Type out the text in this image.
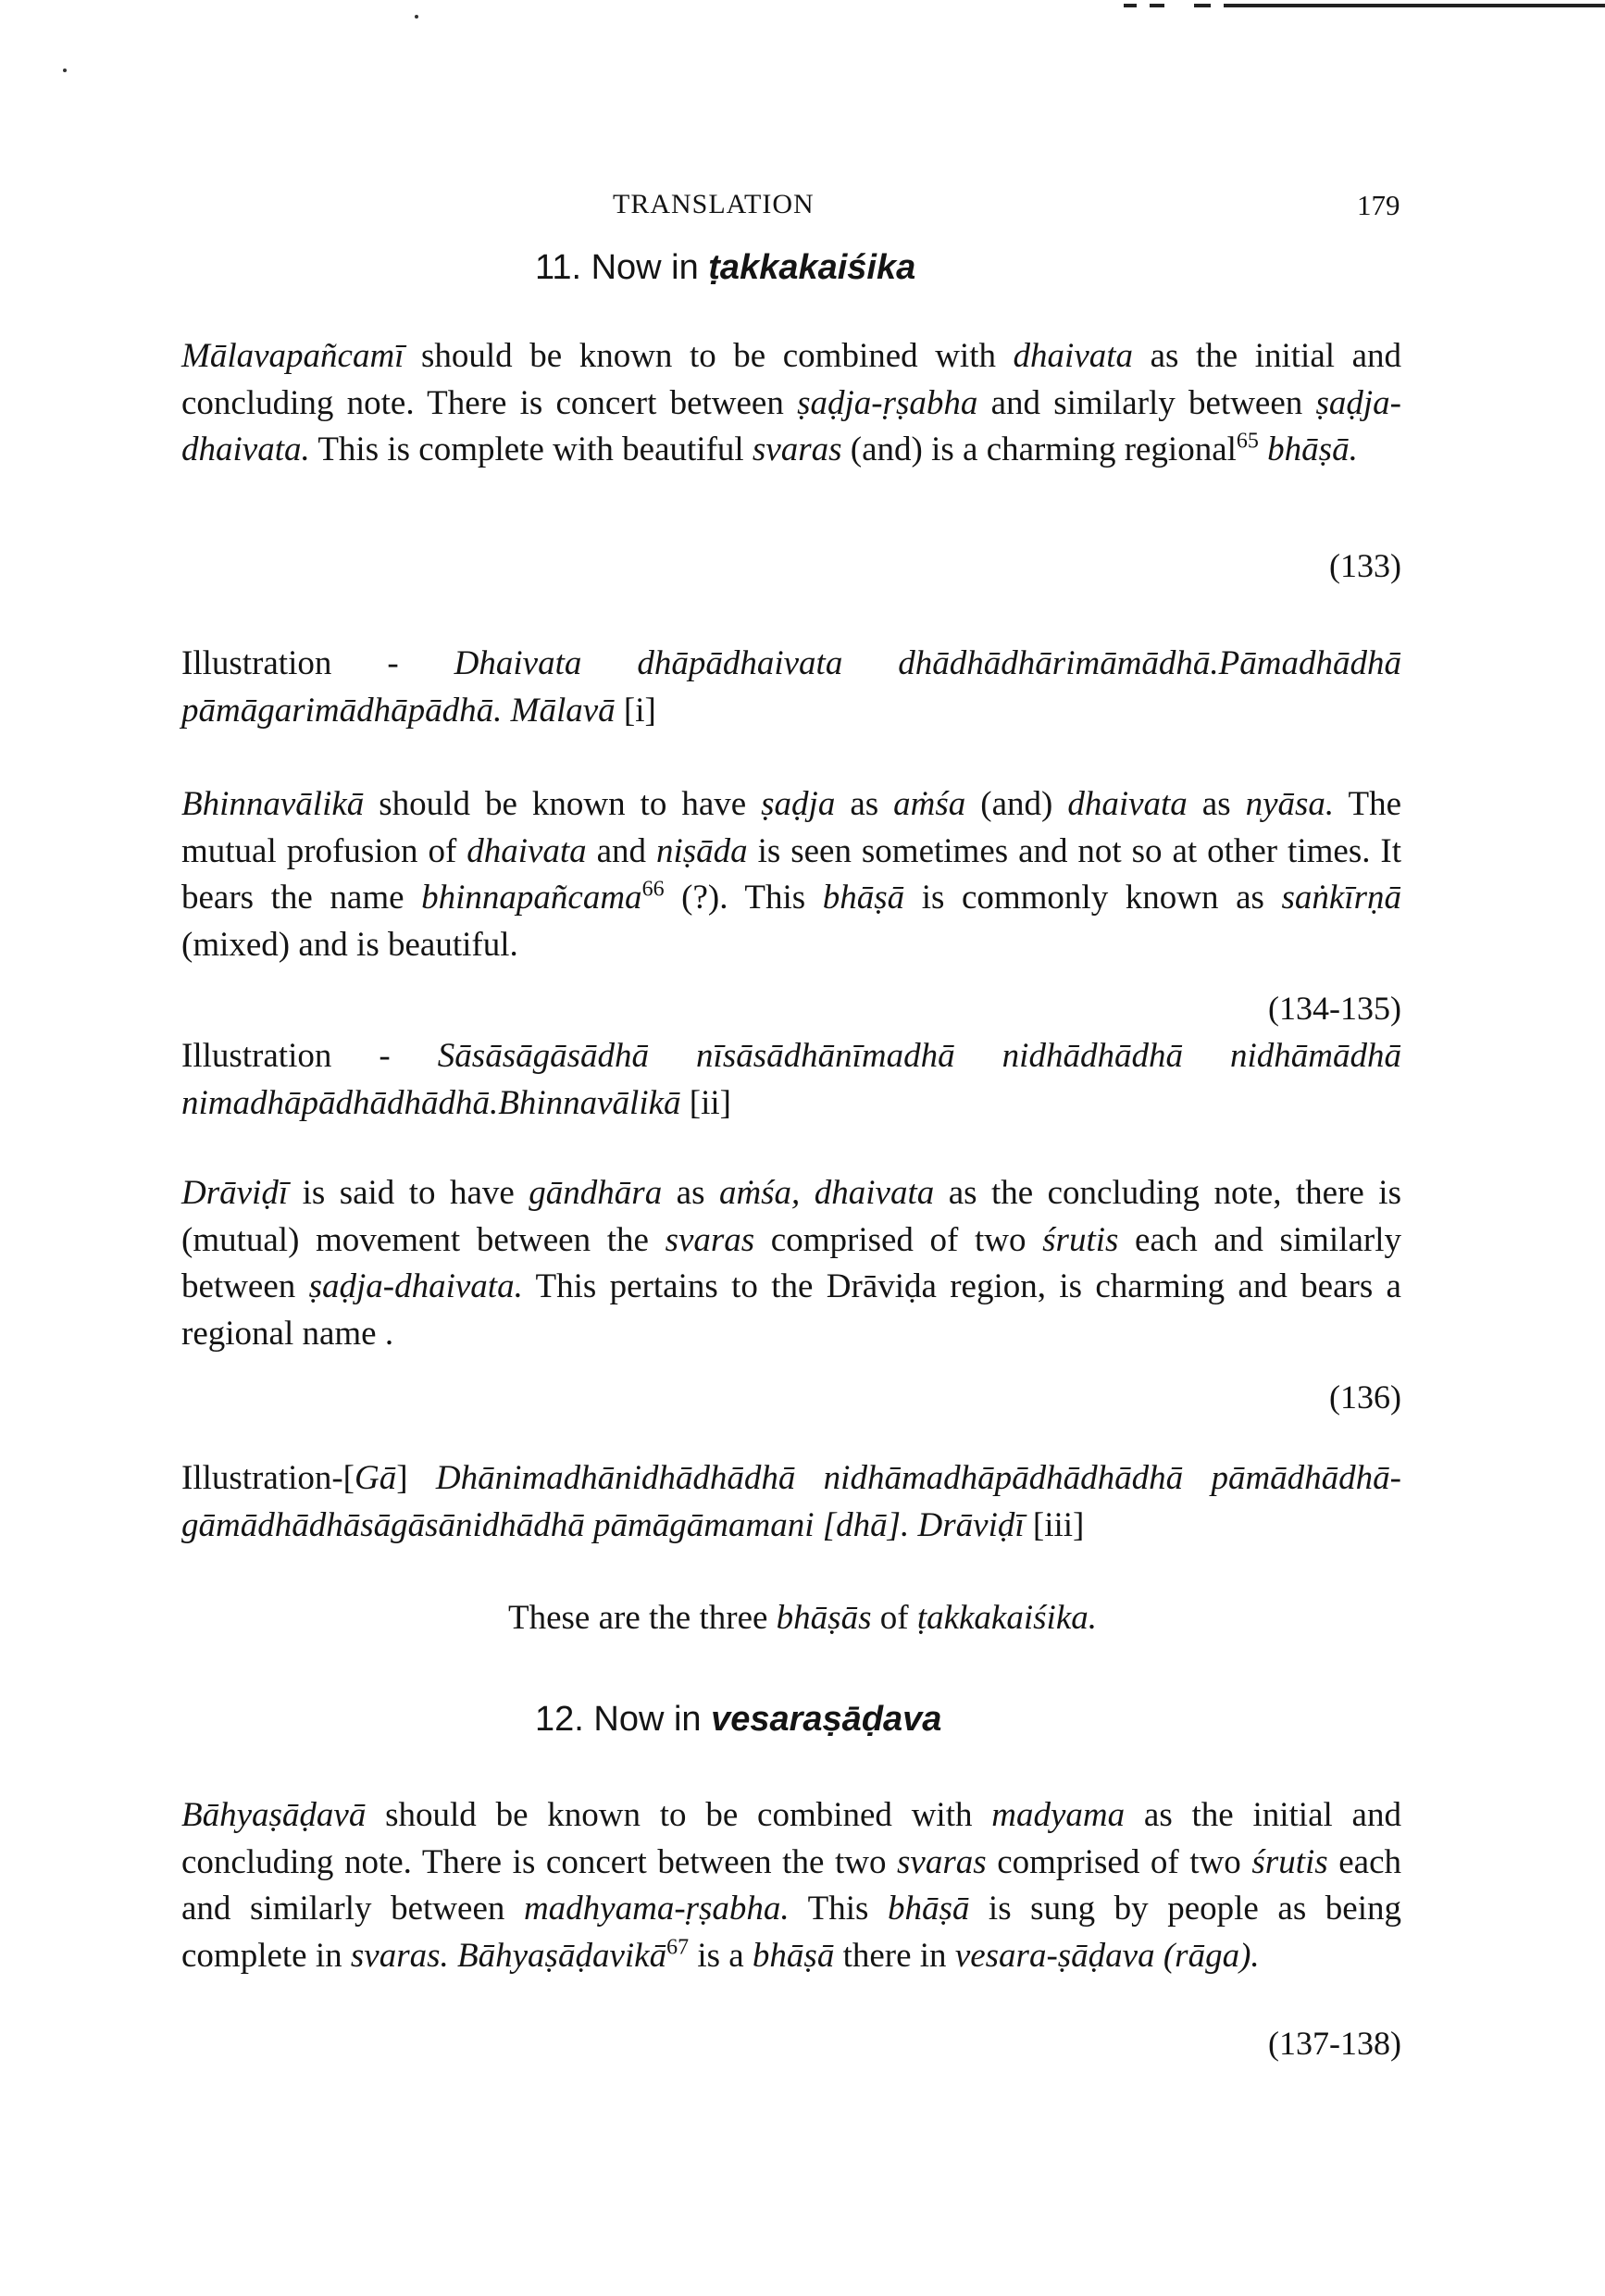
TRANSLATION	179
11. Now in ṭakkakaiśika

Mālavapañcamī should be known to be combined with dhaivata as the initial and concluding note. There is concert between ṣaḍja-ṛṣabha and similarly between ṣaḍja-dhaivata. This is complete with beautiful svaras (and) is a charming regional$^{65}$ bhāṣā.

(133)

Illustration - Dhaivata dhāpādhaivata dhādhādhārimāmādhā.Pāmadhādhā pāmāgarimādhāpādhā. Mālavā [i]

Bhinnavālikā should be known to have ṣaḍja as aṁśa (and) dhaivata as nyāsa. The mutual profusion of dhaivata and niṣāda is seen sometimes and not so at other times. It bears the name bhinnapañcama$^{66}$ (?). This bhāṣā is commonly known as saṅkīrṇā (mixed) and is beautiful.

(134-135)

Illustration - Sāsāsāgāsādhā nīsāsādhānīmadhā nidhādhādhā nidhāmādhā nimadhāpādhādhādhā.Bhinnavālikā [ii]

Drāviḍī is said to have gāndhāra as aṁśa, dhaivata as the concluding note, there is (mutual) movement between the svaras comprised of two śrutis each and similarly between ṣaḍja-dhaivata. This pertains to the Drāviḍa region, is charming and bears a regional name .

(136)

Illustration-[Gā] Dhānimadhānidhādhādhā nidhāmadhāpādhādhādhā pāmādhādhā-gāmādhādhāsāgāsānidhādhā pāmāgāmamani [dhā]. Drāviḍī [iii]

These are the three bhāṣās of ṭakkakaiśika.
12. Now in vesaraṣāḍava

Bāhyaṣāḍavā should be known to be combined with madyama as the initial and concluding note. There is concert between the two svaras comprised of two śrutis each and similarly between madhyama-ṛṣabha. This bhāṣā is sung by people as being complete in svaras. Bāhyaṣāḍavikā$^{67}$ is a bhāṣā there in vesara-ṣāḍava (rāga).

(137-138)
